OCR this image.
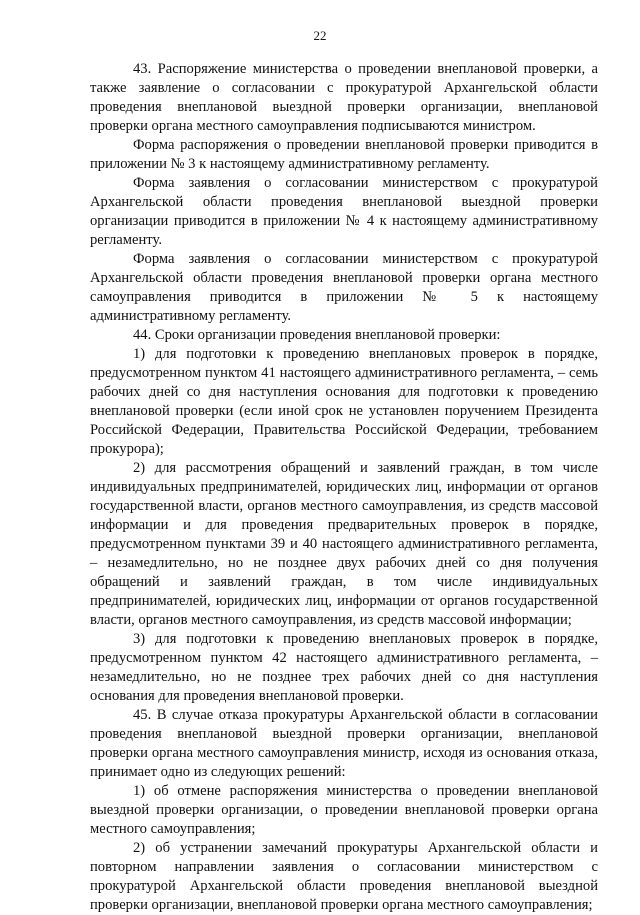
22

43. Распоряжение министерства о проведении внеплановой проверки, а также заявление о согласовании с прокуратурой Архангельской области проведения внеплановой выездной проверки организации, внеплановой проверки органа местного самоуправления подписываются министром.

Форма распоряжения о проведении внеплановой проверки приводится в приложении № 3 к настоящему административному регламенту.

Форма заявления о согласовании министерством с прокуратурой Архангельской области проведения внеплановой выездной проверки организации приводится в приложении № 4 к настоящему административному регламенту.

Форма заявления о согласовании министерством с прокуратурой Архангельской области проведения внеплановой проверки органа местного самоуправления приводится в приложении № 5 к настоящему административному регламенту.

44. Сроки организации проведения внеплановой проверки:

1) для подготовки к проведению внеплановых проверок в порядке, предусмотренном пунктом 41 настоящего административного регламента, – семь рабочих дней со дня наступления основания для подготовки к проведению внеплановой проверки (если иной срок не установлен поручением Президента Российской Федерации, Правительства Российской Федерации, требованием прокурора);

2) для рассмотрения обращений и заявлений граждан, в том числе индивидуальных предпринимателей, юридических лиц, информации от органов государственной власти, органов местного самоуправления, из средств массовой информации и для проведения предварительных проверок в порядке, предусмотренном пунктами 39 и 40 настоящего административного регламента, – незамедлительно, но не позднее двух рабочих дней со дня получения обращений и заявлений граждан, в том числе индивидуальных предпринимателей, юридических лиц, информации от органов государственной власти, органов местного самоуправления, из средств массовой информации;

3) для подготовки к проведению внеплановых проверок в порядке, предусмотренном пунктом 42 настоящего административного регламента, – незамедлительно, но не позднее трех рабочих дней со дня наступления основания для проведения внеплановой проверки.

45. В случае отказа прокуратуры Архангельской области в согласовании проведения внеплановой выездной проверки организации, внеплановой проверки органа местного самоуправления министр, исходя из основания отказа, принимает одно из следующих решений:

1) об отмене распоряжения министерства о проведении внеплановой выездной проверки организации, о проведении внеплановой проверки органа местного самоуправления;

2) об устранении замечаний прокуратуры Архангельской области и повторном направлении заявления о согласовании министерством с прокуратурой Архангельской области проведения внеплановой выездной проверки организации, внеплановой проверки органа местного самоуправления;
